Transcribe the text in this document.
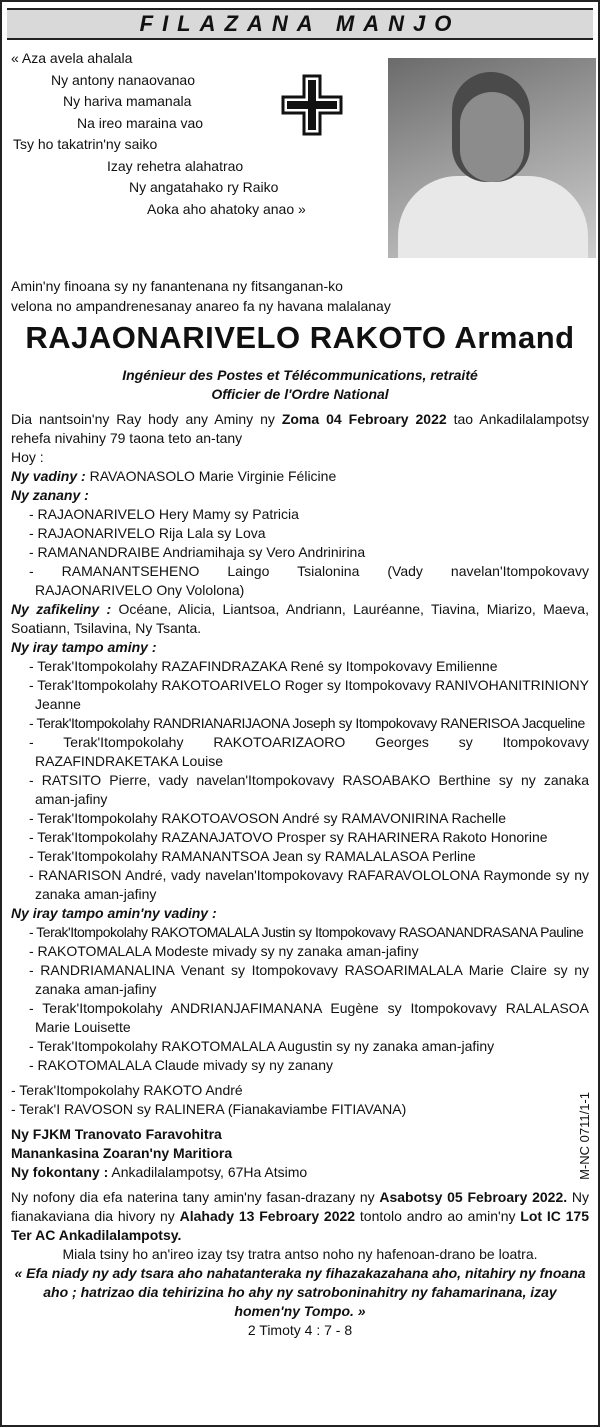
FILAZANA MANJO
« Aza avela ahalala
Ny antony nanaovanao
Ny hariva mamanala
Na ireo maraina vao
Tsy ho takatrin'ny saiko
Izay rehetra alahatrao
Ny angatahako ry Raiko
Aoka aho ahatoky anao »
Amin'ny finoana sy ny fanantenana ny fitsanganan-ko
velona no ampandrenesanay anareo fa ny havana malalanay
RAJAONARIVELO RAKOTO Armand
Ingénieur des Postes et Télécommunications, retraité
Officier de l'Ordre National

Dia nantsoin'ny Ray hody any Aminy ny Zoma 04 Febroary 2022 tao Ankadilalampotsy rehefa nivahiny 79 taona teto an-tany

Hoy :
Ny vadiny : RAVAONASOLO Marie Virginie Félicine
Ny zanany :
- RAJAONARIVELO Hery Mamy sy Patricia
- RAJAONARIVELO Rija Lala sy Lova
- RAMANANDRAIBE Andriamihaja sy Vero Andrinirina
- RAMANANTSEHENO Laingo Tsialonina (Vady navelan'Itompokovavy RAJAONARIVELO Ony Vololona)

Ny zafikeliny : Océane, Alicia, Liantsoa, Andriann, Lauréanne, Tiavina, Miarizo, Maeva, Soatiann, Tsilavina, Ny Tsanta.

Ny iray tampo aminy :
- Terak'Itompokolahy RAZAFINDRAZAKA René sy Itompokovavy Emilienne
- Terak'Itompokolahy RAKOTOARIVELO Roger sy Itompokovavy RANIVOHANITRINIONY Jeanne
- Terak'Itompokolahy RANDRIANARIJAONA Joseph sy Itompokovavy RANERISOA Jacqueline
- Terak'Itompokolahy RAKOTOARIZAORO Georges sy Itompokovavy RAZAFINDRAKETAKA Louise
- RATSITO Pierre, vady navelan'Itompokovavy RASOABAKO Berthine sy ny zanaka aman-jafiny
- Terak'Itompokolahy RAKOTOAVOSON André sy RAMAVONIRINA Rachelle
- Terak'Itompokolahy RAZANAJATOVO Prosper sy RAHARINERA Rakoto Honorine
- Terak'Itompokolahy RAMANANTSOA Jean sy RAMALALASOA Perline
- RANARISON André, vady navelan'Itompokovavy RAFARAVOLOLONA Raymonde sy ny zanaka aman-jafiny
Ny iray tampo amin'ny vadiny :
- Terak'Itompokolahy RAKOTOMALALA Justin sy Itompokovavy RASOANANDRASANA Pauline
- RAKOTOMALALA Modeste mivady sy ny zanaka aman-jafiny
- RANDRIAMANALINA Venant sy Itompokovavy RASOARIMALALA Marie Claire sy ny zanaka aman-jafiny
- Terak'Itompokolahy ANDRIANJAFIMANANA Eugène sy Itompokovavy RALALASOA Marie Louisette
- Terak'Itompokolahy RAKOTOMALALA Augustin sy ny zanaka aman-jafiny
- RAKOTOMALALA Claude mivady sy ny zanany
- Terak'Itompokolahy RAKOTO André
- Terak'I RAVOSON sy RALINERA (Fianakaviambe FITIAVANA)
Ny FJKM Tranovato Faravohitra
Manankasina Zoaran'ny Maritiora
Ny fokontany : Ankadilalampotsy, 67Ha Atsimo

Ny nofony dia efa naterina tany amin'ny fasan-drazany ny Asabotsy 05 Febroary 2022. Ny fianakaviana dia hivory ny Alahady 13 Febroary 2022 tontolo andro ao amin'ny Lot IC 175 Ter AC Ankadilalampotsy.

Miala tsiny ho an'ireo izay tsy tratra antso noho ny hafenoan-drano be loatra.
« Efa niady ny ady tsara aho nahatanteraka ny fihazakazahana aho, nitahiry ny fnoana aho ; hatrizao dia tehirizina ho ahy ny satroboninahitry ny fahamarinana, izay homen'ny Tompo. »
2 Timoty 4 : 7 - 8
M-NC 0711/1-1
